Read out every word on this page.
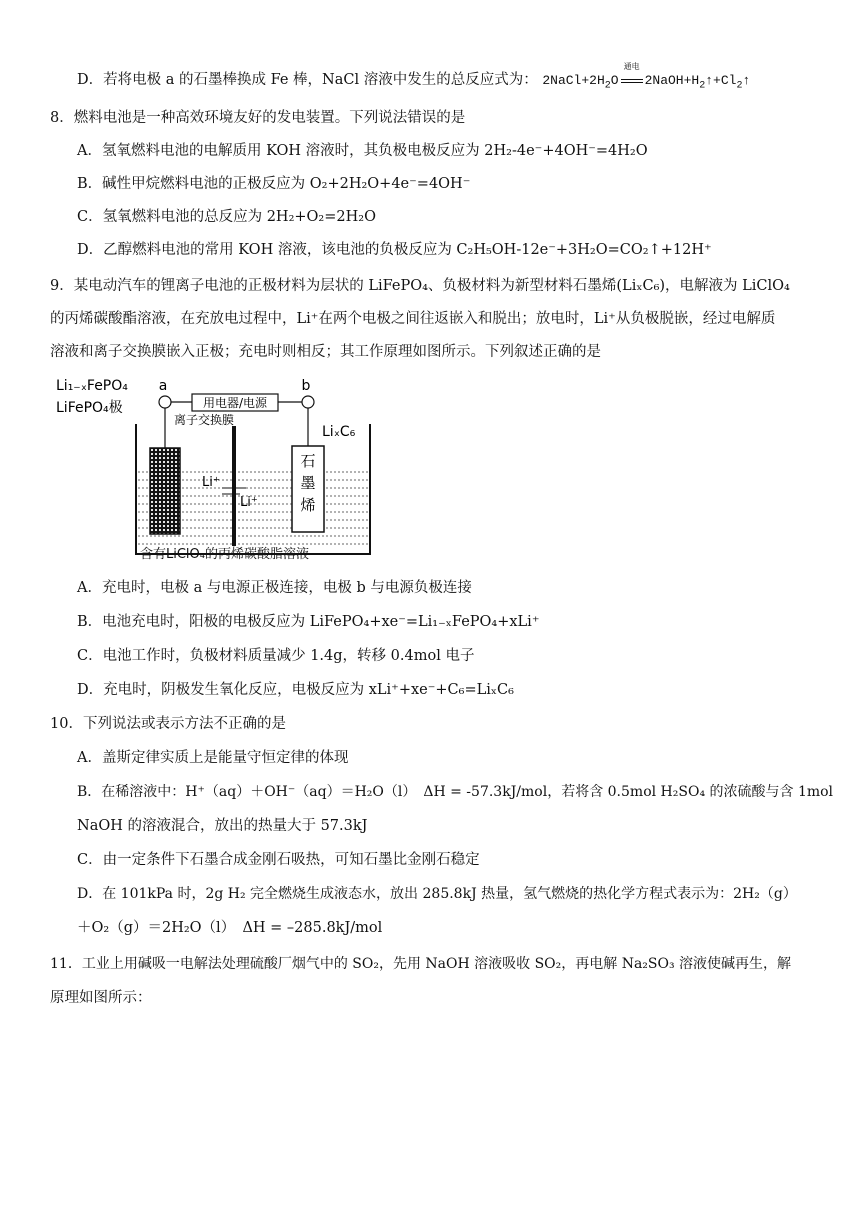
D．若将电极 a 的石墨棒换成 Fe 棒，NaCl 溶液中发生的总反应式为： $2NaCl+2H_2O$
通电
$2NaOH+H_2↑+Cl_2↑$
8．燃料电池是一种高效环境友好的发电装置。下列说法错误的是
A．氢氧燃料电池的电解质用 KOH 溶液时，其负极电极反应为 2H₂-4e⁻+4OH⁻=4H₂O
B．碱性甲烷燃料电池的正极反应为 O₂+2H₂O+4e⁻=4OH⁻
C．氢氧燃料电池的总反应为 2H₂+O₂=2H₂O
D．乙醇燃料电池的常用 KOH 溶液，该电池的负极反应为 C₂H₅OH-12e⁻+3H₂O=CO₂↑+12H⁺
9．某电动汽车的锂离子电池的正极材料为层状的 LiFePO₄、负极材料为新型材料石墨烯(LiₓC₆)，电解液为 LiClO₄
的丙烯碳酸酯溶液，在充放电过程中，Li⁺在两个电极之间往返嵌入和脱出；放电时，Li⁺从负极脱嵌，经过电解质
溶液和离子交换膜嵌入正极；充电时则相反；其工作原理如图所示。下列叙述正确的是
石
墨
烯
用电器/电源
a	b
Li₁₋ₓFePO₄
LiFePO₄极
离子交换膜
LiₓC₆
Li⁺
Li⁺
含有LiClO₄的丙烯碳酸脂溶液
A．充电时，电极 a 与电源正极连接，电极 b 与电源负极连接
B．电池充电时，阳极的电极反应为 LiFePO₄+xe⁻=Li₁₋ₓFePO₄+xLi⁺
C．电池工作时，负极材料质量减少 1.4g，转移 0.4mol 电子
D．充电时，阴极发生氧化反应，电极反应为 xLi⁺+xe⁻+C₆=LiₓC₆
10．下列说法或表示方法不正确的是
A．盖斯定律实质上是能量守恒定律的体现
B．在稀溶液中：H⁺（aq）＋OH⁻（aq）＝H₂O（l）　ΔH = -57.3kJ/mol，若将含 0.5mol H₂SO₄ 的浓硫酸与含 1mol
NaOH 的溶液混合，放出的热量大于 57.3kJ
C．由一定条件下石墨合成金刚石吸热，可知石墨比金刚石稳定
D．在 101kPa 时，2g H₂ 完全燃烧生成液态水，放出 285.8kJ 热量，氢气燃烧的热化学方程式表示为：2H₂（g）
＋O₂（g）＝2H₂O（l）　ΔH = –285.8kJ/mol
11．工业上用碱吸一电解法处理硫酸厂烟气中的 SO₂，先用 NaOH 溶液吸收 SO₂，再电解 Na₂SO₃ 溶液使碱再生，解
原理如图所示：
